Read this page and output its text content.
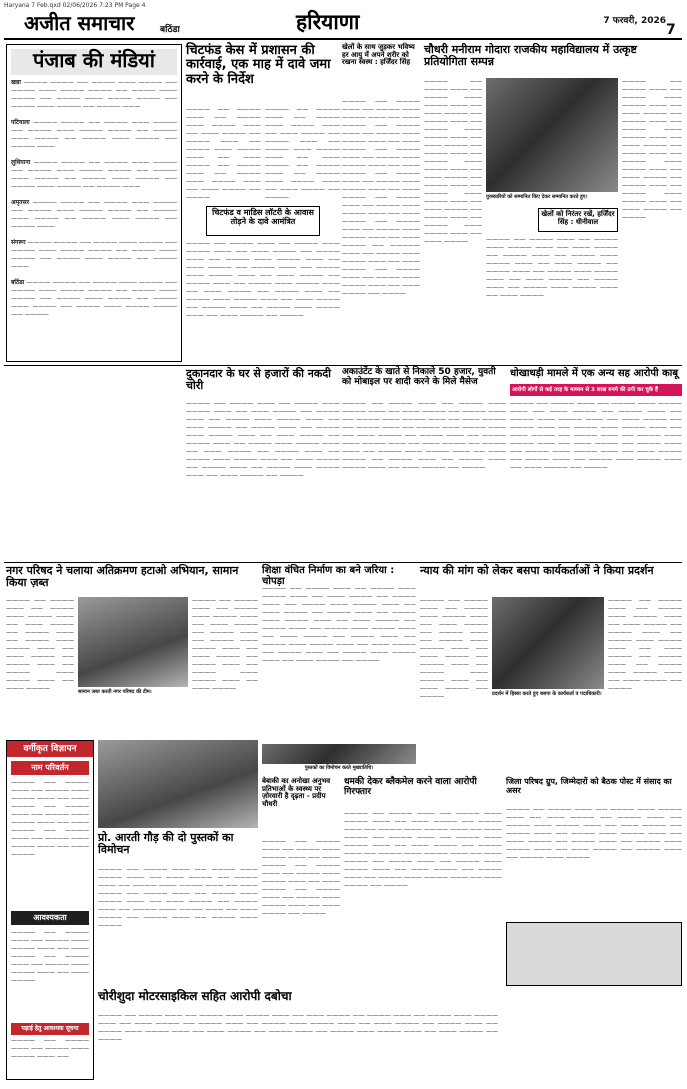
Haryana 7 Feb.qxd 02/06/2026 7:23 PM Page 4
अजीत समाचार	बठिंडा	हरियाणा	7 फरवरी, 2026
7
पंजाब की मंडियां
खन्ना ———— ———— —— ———— ——— ———— —— ———— ——— ———— ———— —— ———— ——— ———— —— ———— ——— ———— ———— —— ———— ——— ———— —— ———— ———

पटियाला ———— ———— —— ———— ——— ———— —— ———— ——— ———— ———— —— ———— ——— ———— —— ———— ——— ———— —— ———— ———

लुधियाना ———— ———— —— ———— ——— ———— —— ———— ——— ———— ———— —— ———— ——— ———— —— ———— ——— ———— —— ———— ——— ———— —— ———— ———

अमृतसर ———— ———— —— ———— ——— ———— —— ———— ——— ———— ———— —— ———— ——— ———— —— ———— ——— ———— —— ———— ———

संगरूर ———— ———— —— ———— ——— ———— —— ———— ——— ———— ———— —— ———— ——— ———— —— ———— ——— ———— —— ———— ———

बठिंडा ———— ———— —— ———— ——— ———— —— ———— ——— ———— ———— —— ———— ——— ———— —— ———— ——— ———— —— ———— ——— ———— —— ———— ——— ———— ———— —— ————
चिटफंड केस में प्रशासन की कार्रवाई, एक माह में दावे जमा करने के निर्देश
———— —— ———— ——— —— ———— ——— ———— ——— —— ——— ———— —— ———— ——— —— ———— ——— ———— ——— —— ——— ———— —— ———— ——— —— ———— ——— ———— ——— —— ——— ———— —— ————
———— —— ———— ——— —— ———— ——— ———— ——— —— ——— ———— —— ———— ——— —— ———— ——— ———— ——— —— ——— ———— —— ———— ——— —— ———— ——— ———— ——— —— ——— ———— —— ————
चिटफंड व माडिस लॉटरी के आवास तोड़ने के दावे आमंत्रित
———— —— ———— ——— —— ———— ——— ———— ——— —— ——— ———— —— ———— ——— —— ———— ——— ———— ——— —— ——— ———— —— ———— ——— —— ———— ——— ———— ——— —— ——— ———— —— ———— ——— —— ———— ——— ———— ——— —— ——— ———— —— ———— ——— —— ———— ——— ———— ——— —— ——— ———— —— ———— ——— —— ———— ——— ———— ——— —— ——— ———— —— ————
खेलों के साथ जुड़कर भविष्य हर आयु में अपने शरीर को रखना स्वस्थ : हर्जिंदर सिंह
———— —— ———— ——— —— ———— ——— ———— ——— —— ——— ———— —— ———— ——— —— ———— ——— ———— ——— —— ——— ———— —— ———— ——— —— ———— ——— ———— ——— —— ——— ———— —— ———— ——— —— ———— ——— ———— ——— —— ——— ———— —— ———— ——— —— ———— ——— ———— ——— —— ——— ———— —— ———— ——— —— ———— ——— ———— ——— —— ——— ———— —— ————— ——— —— ———— ——— ———— ——— —— ——— ———— —— ———— ——— —— ———— ——— ———— ——— —— ——— ———— —— ————
चौधरी मनीराम गोदारा राजकीय महाविद्यालय में उत्कृष्ट प्रतियोगिता सम्पन्न
———— —— ———— ——— —— ———— ——— ———— ——— —— ——— ———— —— ———— ——— —— ———— ——— ———— ——— —— ——— ———— —— ———— ——— —— ———— ——— ———— ——— —— ——— ———— —— ———— ——— —— ———— ——— ———— ——— —— ——— ———— —— ———— ——— —— ———— ——— ———— ——— —— ——— ————
पुरस्कारियों को सम्मानित किए देकर सम्मानित करते हुए।
———— —— ———— ——— —— ———— ——— ———— ——— —— ——— ———— —— ———— ——— —— ———— ——— ———— ——— —— ——— ———— —— ———— ——— —— ———— ——— ———— ——— —— ——— ———— —— ———— ——— —— ———— ——— ———— ——— —— ——— ———— —— ————
खेलों को निरंतर रखें, हर्जिंदर सिंह : धीनीवाल
———— —— ———— ——— —— ———— ——— ———— ——— —— ——— ———— —— ———— ——— —— ———— ——— ———— ——— —— ——— ———— —— ———— ——— —— ———— ——— ———— ——— —— ——— ———— —— ———— ——— —— ———— ——— ———— ——— —— ——— ————
दुकानदार के घर से हजारों की नकदी चोरी
———— —— ———— ——— —— ———— ——— ———— ——— —— ——— ———— —— ———— ——— —— ———— ——— ———— ——— —— ——— ———— —— ———— ——— —— ———— ——— ———— ——— —— ——— ———— —— ———— ——— —— ———— ——— ———— ——— —— ——— ———— —— ———— ——— —— ———— ——— ———— ——— —— ——— ———— —— ———— ——— —— ———— ——— ———— ——— —— ——— ———— —— ————
अकाउंटेंट के खाते से निकाले 50 हजार, युवती को मोबाइल पर शादी करने के मिले मैसेज
———— —— ———— ——— —— ———— ——— ———— ——— —— ——— ———— —— ———— ——— —— ———— ——— ———— ——— —— ——— ———— —— ———— ——— —— ———— ——— ———— ——— —— ——— ———— —— ———— ——— —— ———— ——— ———— ——— —— ——— ———— —— ———— ——— —— ———— ——— ———— ——— —— ——— ———— —— ———— ——— —— ———— ——— ———— ——— —— ——— ———— —— ————
धोखाधड़ी मामले में एक अन्य सह आरोपी काबू
आरोपी लोगों से कई तरह के माध्यम से 3 लाख रुपये की ठगी कर चुके हैं
———— —— ———— ——— —— ———— ——— ———— ——— —— ——— ———— —— ———— ——— —— ———— ——— ———— ——— —— ——— ———— —— ———— ——— —— ———— ——— ———— ——— —— ——— ———— —— ———— ——— —— ———— ——— ———— ——— —— ——— ———— —— ———— ——— —— ———— ——— ———— ——— —— ——— ———— —— ———— ——— —— ———— ——— ———— ——— —— ——— ———— —— ————
नगर परिषद ने चलाया अतिक्रमण हटाओ अभियान, सामान किया ज़ब्त
———— —— ———— ——— —— ———— ——— ———— ——— —— ——— ———— —— ———— ——— —— ———— ——— ———— ——— —— ——— ———— —— ———— ——— —— ———— ——— ———— ——— —— ——— ————	सामान जब्त करती नगर परिषद की टीम।
———— —— ———— ——— —— ———— ——— ———— ——— —— ——— ———— —— ———— ——— —— ———— ——— ———— ——— —— ——— ———— —— ———— ——— —— ———— ——— ———— ——— —— ——— ————
शिक्षा वंचित निर्माण का बने जरिया : चोपड़ा
———— —— ———— ——— —— ———— ——— ———— ——— —— ——— ———— —— ———— ——— —— ———— ——— ———— ——— —— ——— ———— —— ———— ——— —— ———— ——— ———— ——— —— ——— ———— —— ———— ——— —— ———— ——— ———— ——— —— ——— ———— —— ———— ——— —— ———— ——— ———— ——— —— ——— ———— —— ———— ——— —— ———— ——— ———— ——— —— ——— ———— —— ————
न्याय की मांग को लेकर बसपा कार्यकर्ताओं ने किया प्रदर्शन
———— —— ———— ——— —— ———— ——— ———— ——— —— ——— ———— —— ———— ——— —— ———— ——— ———— ——— —— ——— ———— —— ———— ——— —— ———— ——— ———— ——— —— ——— ———— —— ————	प्रदर्शन में हिस्सा करते हुए बसपा के कार्यकर्ता व पदाधिकारी।
———— —— ———— ——— —— ———— ——— ———— ——— —— ——— ———— —— ———— ——— —— ———— ——— ———— ——— —— ——— ———— —— ———— ——— —— ———— ——— ———— ——— —— ——— ———— —— ————
वर्गीकृत विज्ञापन
नाम परिवर्तन
———— —— ———— ——— —— ———— ——— ———— ——— —— ——— ———— —— ———— ——— —— ———— ——— ———— ——— —— ——— ———— —— ———— ——— —— ———— ——— ———— ——— —— ——— ————
आवश्यकता
———— —— ———— ——— —— ———— ——— ———— ——— —— ——— ———— —— ———— ——— —— ———— ——— ———— ——— —— ——— ————
पढ़ाई हेतु आवश्यक सूचना
———— —— ———— ——— —— ———— ——— ———— ——— ——
प्रो. आरती गौड़ की दो पुस्तकों का विमोचन
———— —— ———— ——— —— ———— ——— ———— ——— —— ——— ———— —— ———— ——— —— ———— ——— ———— ——— —— ——— ———— —— ———— ——— —— ———— ——— ———— ——— —— ——— ———— —— ———— ——— —— ———— ——— ———— ——— —— ——— ———— —— ———— ——— —— ———— ——— ————
पुस्तकों का विमोचन करते मुख्यातिथि।
बेबाकी का अनोखा अनुभव प्रतिभाओं के स्वस्थ्य पर ज़ोरवारी है दृढ़ता - प्रदीप चौधरी
———— —— ———— ——— —— ———— ——— ———— ——— —— ——— ———— —— ———— ——— —— ———— ——— ———— ——— —— ——— ———— —— ———— ——— —— ———— ——— ———— ——— —— ——— ———— —— ————
धमकी देकर ब्लैकमेल करने वाला आरोपी गिरफ्तार
———— —— ———— ——— —— ———— ——— ———— ——— —— ——— ———— —— ———— ——— —— ———— ——— ———— ——— —— ——— ———— —— ———— ——— —— ———— ——— ———— ——— —— ——— ———— —— ———— ——— —— ———— ——— ———— ——— —— ——— ———— —— ———— ——— —— ———— ——— ———— ——— —— ——— ———— —— ———— ——— —— ———— ——— ———— ——— —— ——— ———— —— ————
जिला परिषद ग्रुप, जिम्मेदारों को बैठक पोस्ट में संसाद का असर
———— —— ———— ——— —— ———— ——— ———— ——— —— ——— ———— —— ———— ——— —— ———— ——— ———— ——— —— ——— ———— —— ———— ——— —— ———— ——— ———— ——— —— ——— ———— —— ———— ——— —— ———— ——— ———— ——— —— ——— ———— —— ———— ——— —— ———— ——— ————
चोरीशुदा मोटरसाइकिल सहित आरोपी दबोचा
———— —— ———— ——— —— ———— ——— ———— ——— —— ——— ———— —— ———— ——— —— ———— ——— ———— ——— —— ——— ———— —— ———— ——— —— ———— ——— ———— ——— —— ——— ———— —— ———— ——— —— ———— ——— ———— ——— —— ——— ———— —— ———— ——— —— ———— ——— ———— ——— —— ——— ———— —— ————
